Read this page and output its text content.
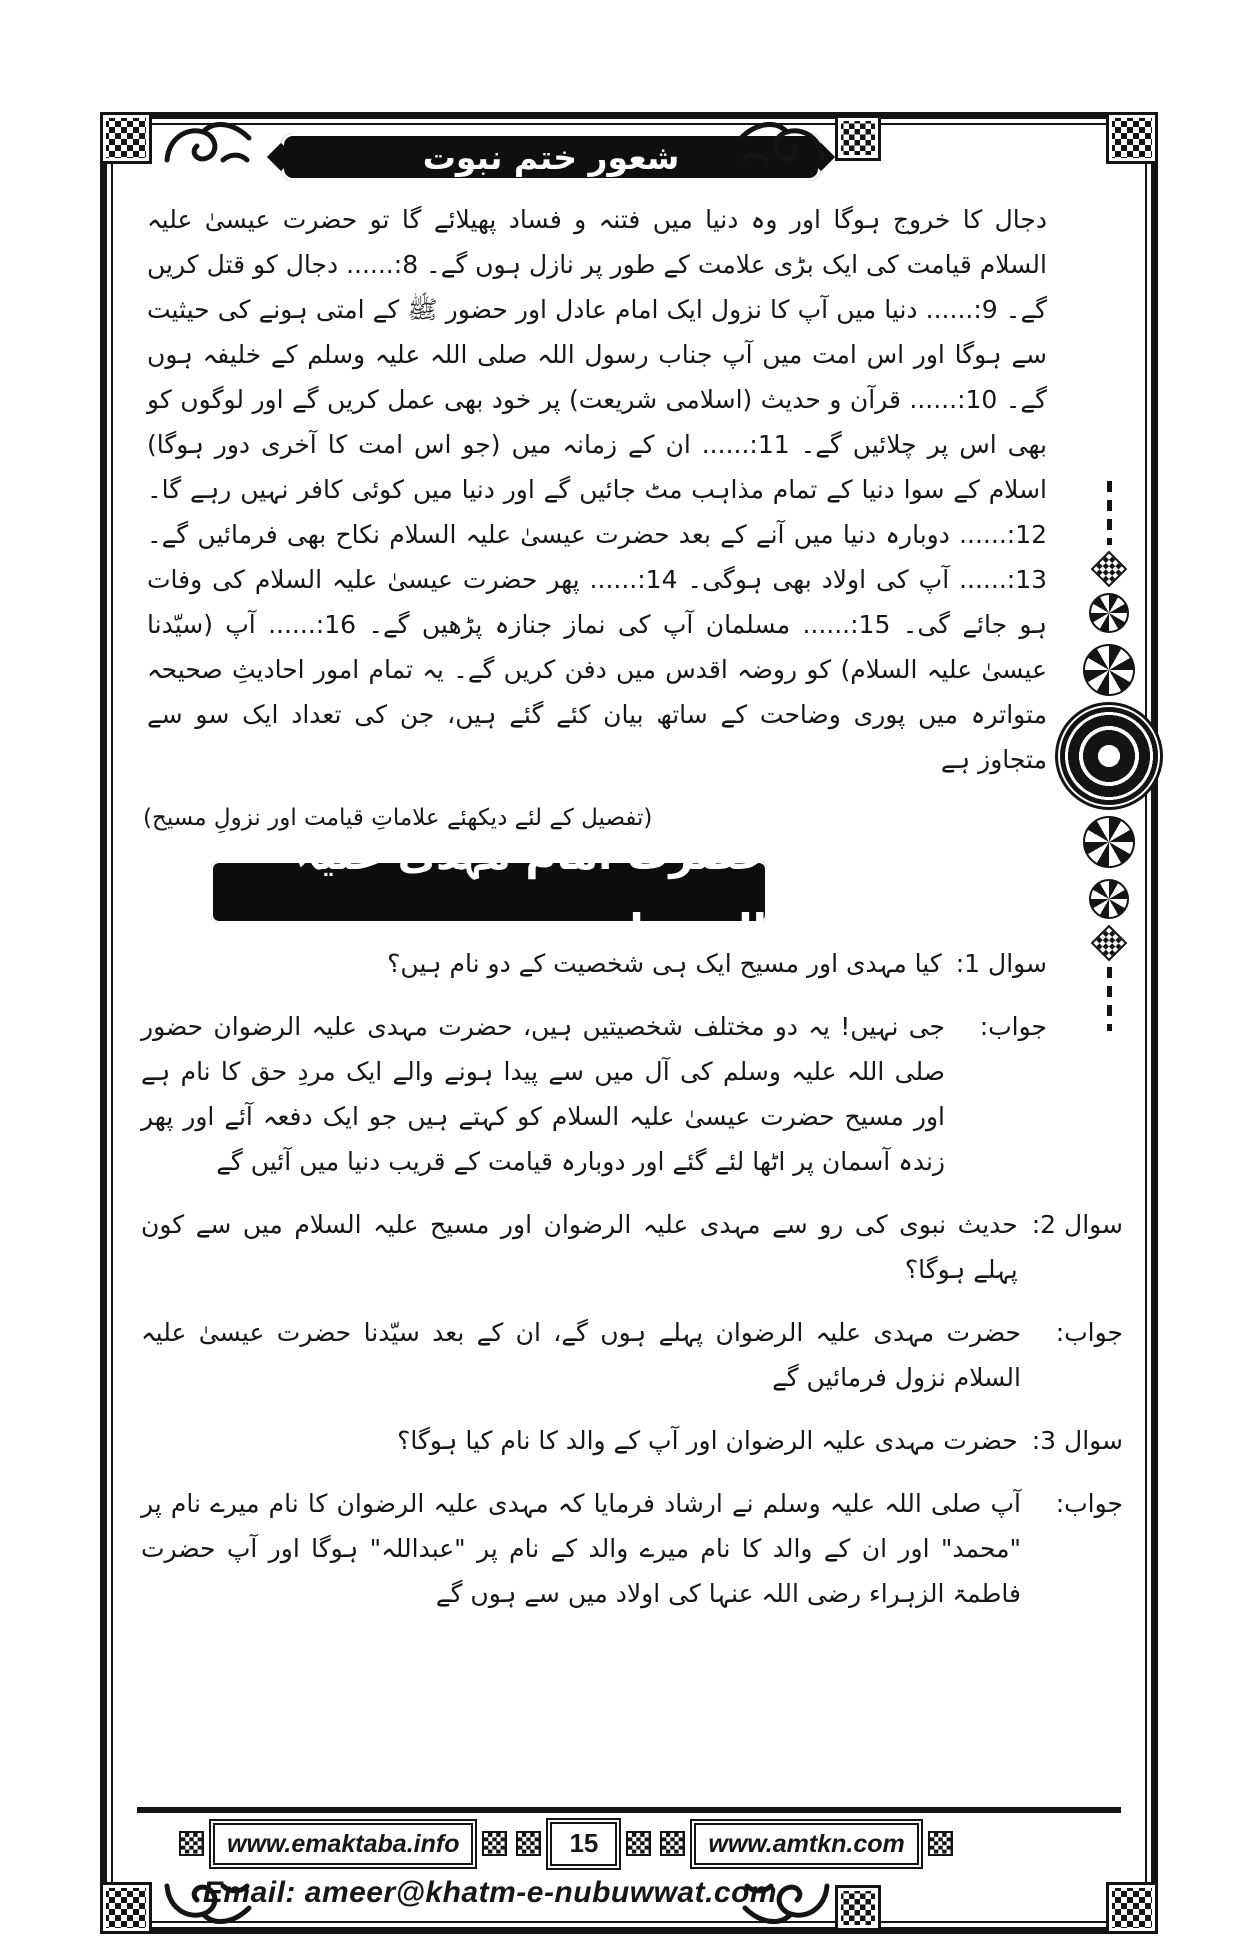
شعور ختم نبوت

دجال کا خروج ہوگا اور وہ دنیا میں فتنہ و فساد پھیلائے گا تو حضرت عیسیٰ علیہ السلام قیامت کی ایک بڑی علامت کے طور پر نازل ہوں گے۔ 8:...... دجال کو قتل کریں گے۔ 9:...... دنیا میں آپ کا نزول ایک امام عادل اور حضور ﷺ کے امتی ہونے کی حیثیت سے ہوگا اور اس امت میں آپ جناب رسول اللہ صلی اللہ علیہ وسلم کے خلیفہ ہوں گے۔ 10:...... قرآن و حدیث (اسلامی شریعت) پر خود بھی عمل کریں گے اور لوگوں کو بھی اس پر چلائیں گے۔ 11:...... ان کے زمانہ میں (جو اس امت کا آخری دور ہوگا) اسلام کے سوا دنیا کے تمام مذاہب مٹ جائیں گے اور دنیا میں کوئی کافر نہیں رہے گا۔ 12:...... دوبارہ دنیا میں آنے کے بعد حضرت عیسیٰ علیہ السلام نکاح بھی فرمائیں گے۔ 13:...... آپ کی اولاد بھی ہوگی۔ 14:...... پھر حضرت عیسیٰ علیہ السلام کی وفات ہو جائے گی۔ 15:...... مسلمان آپ کی نماز جنازہ پڑھیں گے۔ 16:...... آپ (سیّدنا عیسیٰ علیہ السلام) کو روضہ اقدس میں دفن کریں گے۔ یہ تمام امور احادیثِ صحیحہ متواترہ میں پوری وضاحت کے ساتھ بیان کئے گئے ہیں، جن کی تعداد ایک سو سے متجاوز ہے

(تفصیل کے لئے دیکھئے علاماتِ قیامت اور نزولِ مسیح)

حضرت امام مہدی علیہ الرضوان
سوال 1:
کیا مہدی اور مسیح ایک ہی شخصیت کے دو نام ہیں؟
جواب:
جی نہیں! یہ دو مختلف شخصیتیں ہیں، حضرت مہدی علیہ الرضوان حضور صلی اللہ علیہ وسلم کی آل میں سے پیدا ہونے والے ایک مردِ حق کا نام ہے اور مسیح حضرت عیسیٰ علیہ السلام کو کہتے ہیں جو ایک دفعہ آئے اور پھر زندہ آسمان پر اٹھا لئے گئے اور دوبارہ قیامت کے قریب دنیا میں آئیں گے
سوال 2:
حدیث نبوی کی رو سے مہدی علیہ الرضوان اور مسیح علیہ السلام میں سے کون پہلے ہوگا؟
جواب:
حضرت مہدی علیہ الرضوان پہلے ہوں گے، ان کے بعد سیّدنا حضرت عیسیٰ علیہ السلام نزول فرمائیں گے
سوال 3:
حضرت مہدی علیہ الرضوان اور آپ کے والد کا نام کیا ہوگا؟
جواب:
آپ صلی اللہ علیہ وسلم نے ارشاد فرمایا کہ مہدی علیہ الرضوان کا نام میرے نام پر "محمد" اور ان کے والد کا نام میرے والد کے نام پر "عبداللہ" ہوگا اور آپ حضرت فاطمۃ الزہراء رضی اللہ عنہا کی اولاد میں سے ہوں گے
www.emaktaba.info	15	www.amtkn.com
Email: ameer@khatm-e-nubuwwat.com
